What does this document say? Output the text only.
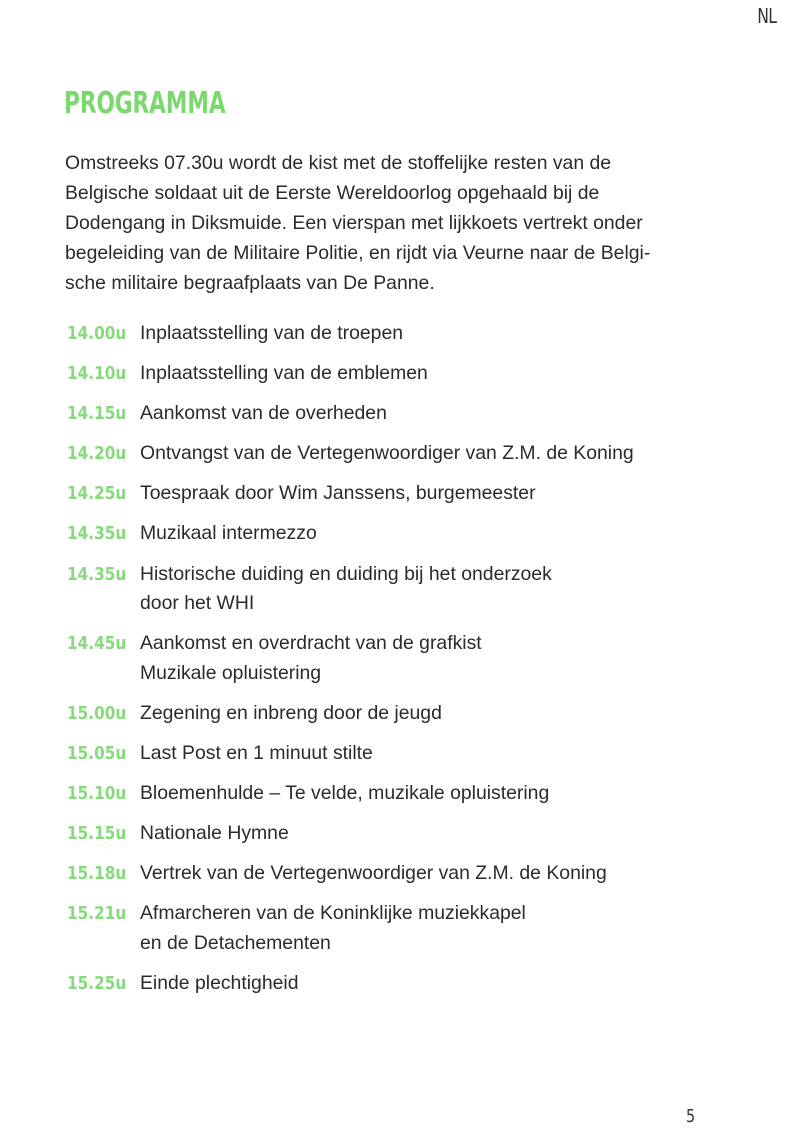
NL
PROGRAMMA

Omstreeks 07.30u wordt de kist met de stoffelijke resten van de
Belgische soldaat uit de Eerste Wereldoorlog opgehaald bij de
Dodengang in Diksmuide. Een vierspan met lijkkoets vertrekt onder
begeleiding van de Militaire Politie, en rijdt via Veurne naar de Belgi-
sche militaire begraafplaats van De Panne.

14.00u Inplaatsstelling van de troepen
14.10u Inplaatsstelling van de emblemen
14.15u Aankomst van de overheden
14.20u Ontvangst van de Vertegenwoordiger van Z.M. de Koning
14.25u Toespraak door Wim Janssens, burgemeester
14.35u Muzikaal intermezzo
14.35u Historische duiding en duiding bij het onderzoek
door het WHI
14.45u Aankomst en overdracht van de grafkist
Muzikale opluistering
15.00u Zegening en inbreng door de jeugd
15.05u Last Post en 1 minuut stilte
15.10u Bloemenhulde – Te velde, muzikale opluistering
15.15u Nationale Hymne
15.18u Vertrek van de Vertegenwoordiger van Z.M. de Koning
15.21u Afmarcheren van de Koninklijke muziekkapel
en de Detachementen
15.25u Einde plechtigheid
5
